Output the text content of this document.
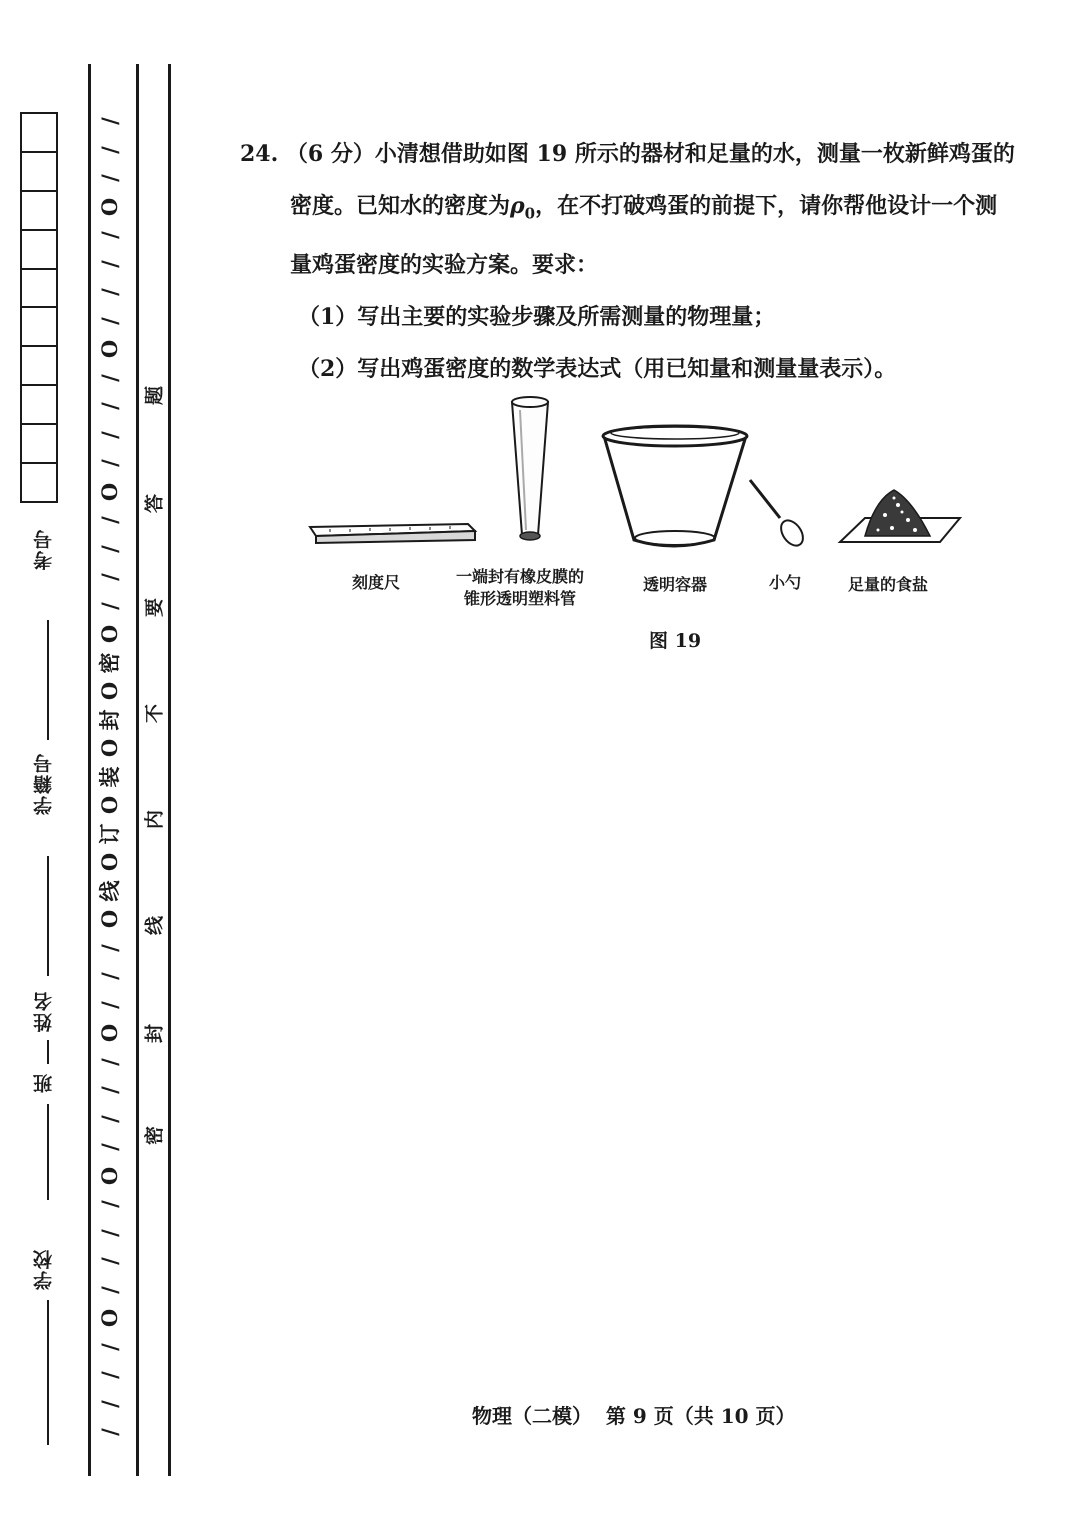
考号
学籍号
姓名
班
学校
/
/
/
/
O
/
/
/
/
O
/
/
/
/
O
/
/
/
O
线
O
订
O
装
O
封
O
密
O
/
/
/
/
O
/
/
/
/
O
/
/
/
/
O
/
/
/
题
答
要
不
内
线
封
密
24. （6 分）小清想借助如图 19 所示的器材和足量的水，测量一枚新鲜鸡蛋的
密度。已知水的密度为$\rho_0$，在不打破鸡蛋的前提下，请你帮他设计一个测
量鸡蛋密度的实验方案。要求：
（1）写出主要的实验步骤及所需测量的物理量；
（2）写出鸡蛋密度的数学表达式（用已知量和测量量表示）。
刻度尺	一端封有橡皮膜的
锥形透明塑料管
透明容器	小勺	足量的食盐
图 19
物理（二模）  第 9 页（共 10 页）
